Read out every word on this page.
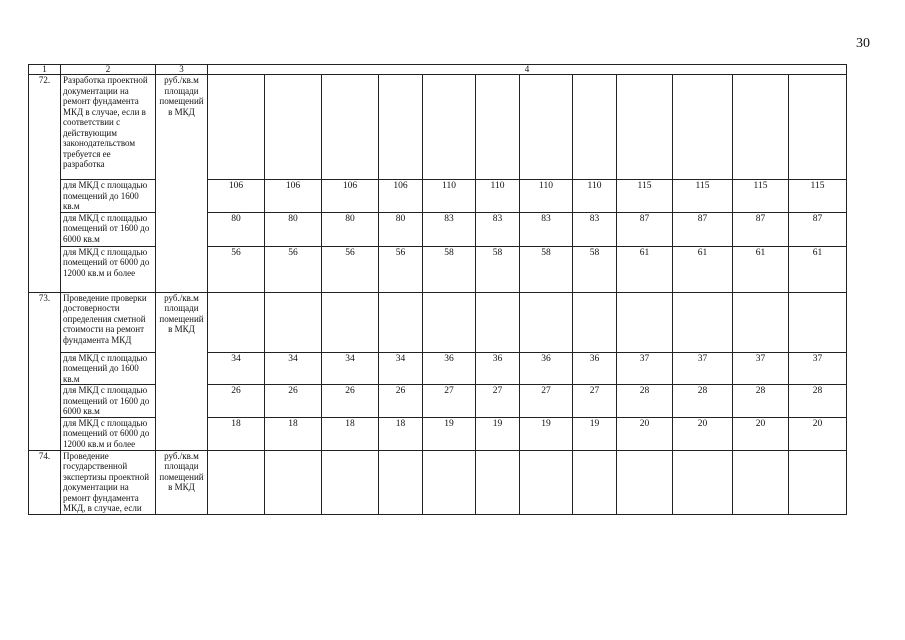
30
1	2	3	4											
72.	Разработка проектной документации на ремонт фундамента МКД в случае, если в соответствии с действующим законодательством требуется ее разработка	руб./кв.м площади помещений в МКД												
	для МКД с площадью помещений до 1600 кв.м		106	106	106	106	110	110	110	110	115	115	115	115
	для МКД с площадью помещений от 1600 до 6000 кв.м		80	80	80	80	83	83	83	83	87	87	87	87
	для МКД с площадью помещений от 6000 до 12000 кв.м и более		56	56	56	56	58	58	58	58	61	61	61	61
73.	Проведение проверки достоверности определения сметной стоимости на ремонт фундамента МКД	руб./кв.м площади помещений в МКД												
	для МКД с площадью помещений до 1600 кв.м		34	34	34	34	36	36	36	36	37	37	37	37
	для МКД с площадью помещений от 1600 до 6000 кв.м		26	26	26	26	27	27	27	27	28	28	28	28
	для МКД с площадью помещений от 6000 до 12000 кв.м и более		18	18	18	18	19	19	19	19	20	20	20	20
74.	Проведение государственной экспертизы проектной документации на ремонт фундамента МКД, в случае, если	руб./кв.м площади помещений в МКД												
